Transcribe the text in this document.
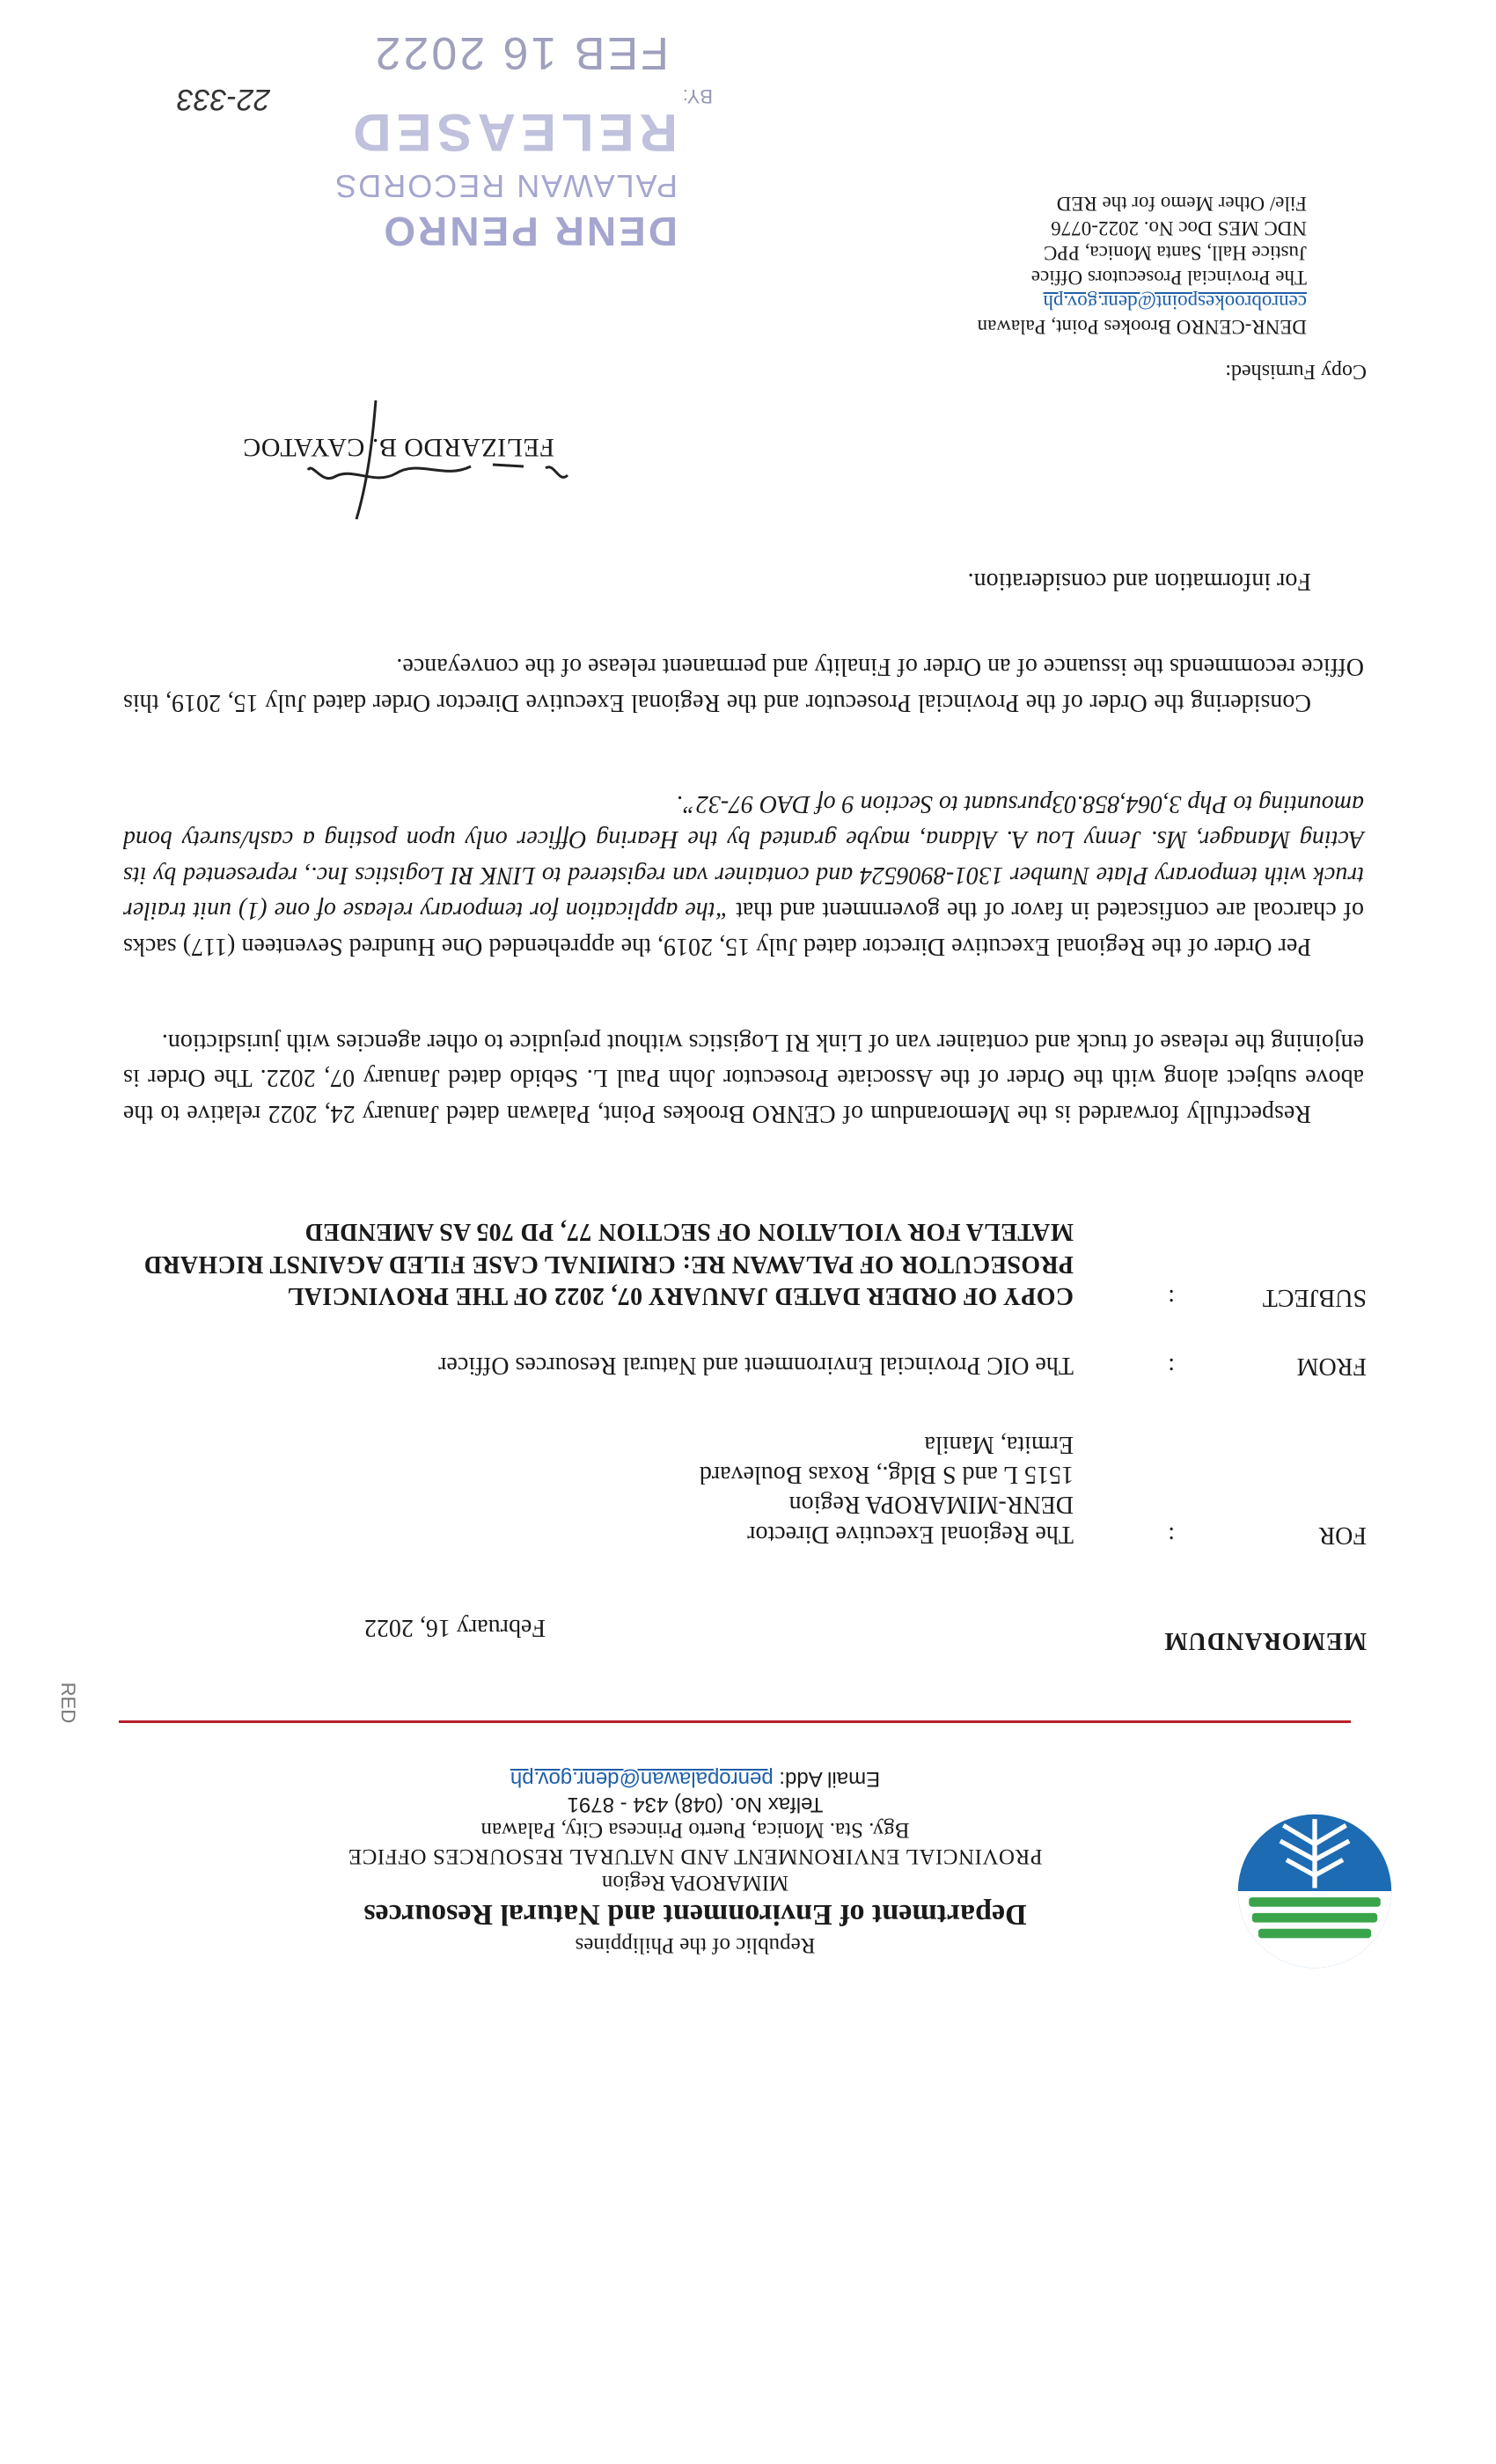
Republic of the Philippines
Department of Environment and Natural Resources
MIMAROPA Region
PROVINCIAL ENVIRONMENT AND NATURAL RESOURCES OFFICE
Bgy. Sta. Monica, Puerto Princesa City, Palawan
Telfax No. (048) 434 - 8791
Email Add: penropalawan@denr.gov.ph
RED
MEMORANDUM
February 16, 2022
FOR
:
The Regional Executive Director
DENR-MIMAROPA Region
1515 L and S Bldg., Roxas Boulevard
Ermita, Manila
FROM
:
The OIC Provincial Environment and Natural Resources Officer
SUBJECT
:
COPY OF ORDER DATED JANUARY 07, 2022 OF THE PROVINCIAL PROSECUTOR OF PALAWAN RE: CRIMINAL CASE FILED AGAINST RICHARD MATELA FOR VIOLATION OF SECTION 77, PD 705 AS AMENDED
Respectfully forwarded is the Memorandum of CENRO Brookes Point, Palawan dated January 24, 2022 relative to the above subject along with the Order of the Associate Prosecutor John Paul L. Sebido dated January 07, 2022. The Order is enjoining the release of truck and container van of Link RI Logistics without prejudice to other agencies with jurisdiction.
Per Order of the Regional Executive Director dated July 15, 2019, the apprehended One Hundred Seventeen (117) sacks of charcoal are confiscated in favor of the government and that “the application for temporary release of one (1) unit trailer truck with temporary Plate Number 1301-8906524 and container van registered to LINK RI Logistics Inc., represented by its Acting Manager, Ms. Jenny Lou A. Aldana, maybe granted by the Hearing Officer only upon posting a cash/surety bond amounting to Php 3,064,858.03pursuant to Section 9 of DAO 97-32”.
Considering the Order of the Provincial Prosecutor and the Regional Executive Director Order dated July 15, 2019, this Office recommends the issuance of an Order of Finality and permanent release of the conveyance.
For information and consideration.
FELIZARDO B. CAYATOC
Copy Furnished:
DENR-CENRO Brookes Point, Palawan
cenrobrookespoint@denr.gov.ph
The Provincial Prosecutors Office
Justice Hall, Santa Monica, PPC
NDC MES Doc No. 2022-0776
File/ Other Memo for the RED
DENR PENRO
PALAWAN RECORDS
RELEASED
BY:
FEB 16 2022
22-333
